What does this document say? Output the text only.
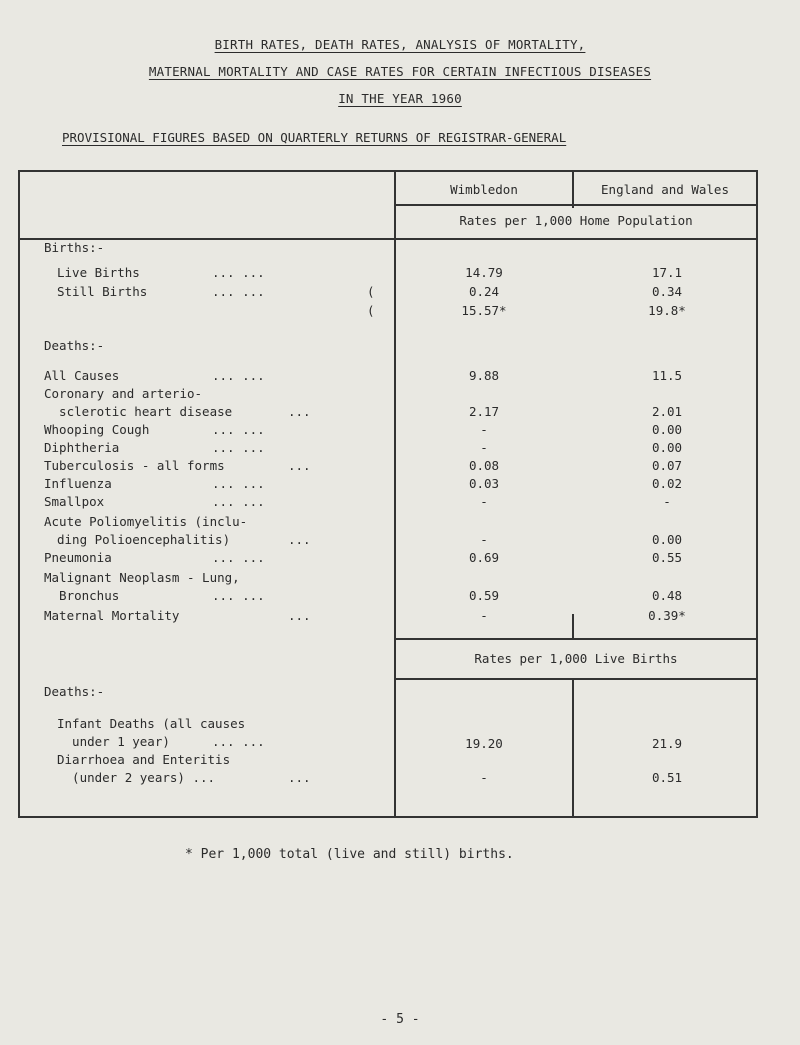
BIRTH RATES, DEATH RATES, ANALYSIS OF MORTALITY,
MATERNAL MORTALITY AND CASE RATES FOR CERTAIN INFECTIOUS DISEASES
IN THE YEAR 1960
PROVISIONAL FIGURES BASED ON QUARTERLY RETURNS OF REGISTRAR-GENERAL
Wimbledon	England and Wales
Rates per 1,000 Home Population
Rates per 1,000 Live Births
Births:-
Live Births	... ...	14.79	17.1
Still Births	... ...	(	0.24	0.34
(	15.57*	19.8*
Deaths:-
All Causes	... ...	9.88	11.5
Coronary and arterio-
sclerotic heart disease	...	2.17	2.01
Whooping Cough	... ...	-	0.00
Diphtheria	... ...	-	0.00
Tuberculosis - all forms	...	0.08	0.07
Influenza	... ...	0.03	0.02
Smallpox	... ...	-	-
Acute Poliomyelitis (inclu-
ding Polioencephalitis)	...	-	0.00
Pneumonia	... ...	0.69	0.55
Malignant Neoplasm - Lung,
Bronchus	... ...	0.59	0.48
Maternal Mortality	...	-	0.39*
Deaths:-
Infant Deaths (all causes
under 1 year)	... ...	19.20	21.9
Diarrhoea and Enteritis
(under 2 years) ...	...	-	0.51
* Per 1,000 total (live and still) births.
- 5 -
